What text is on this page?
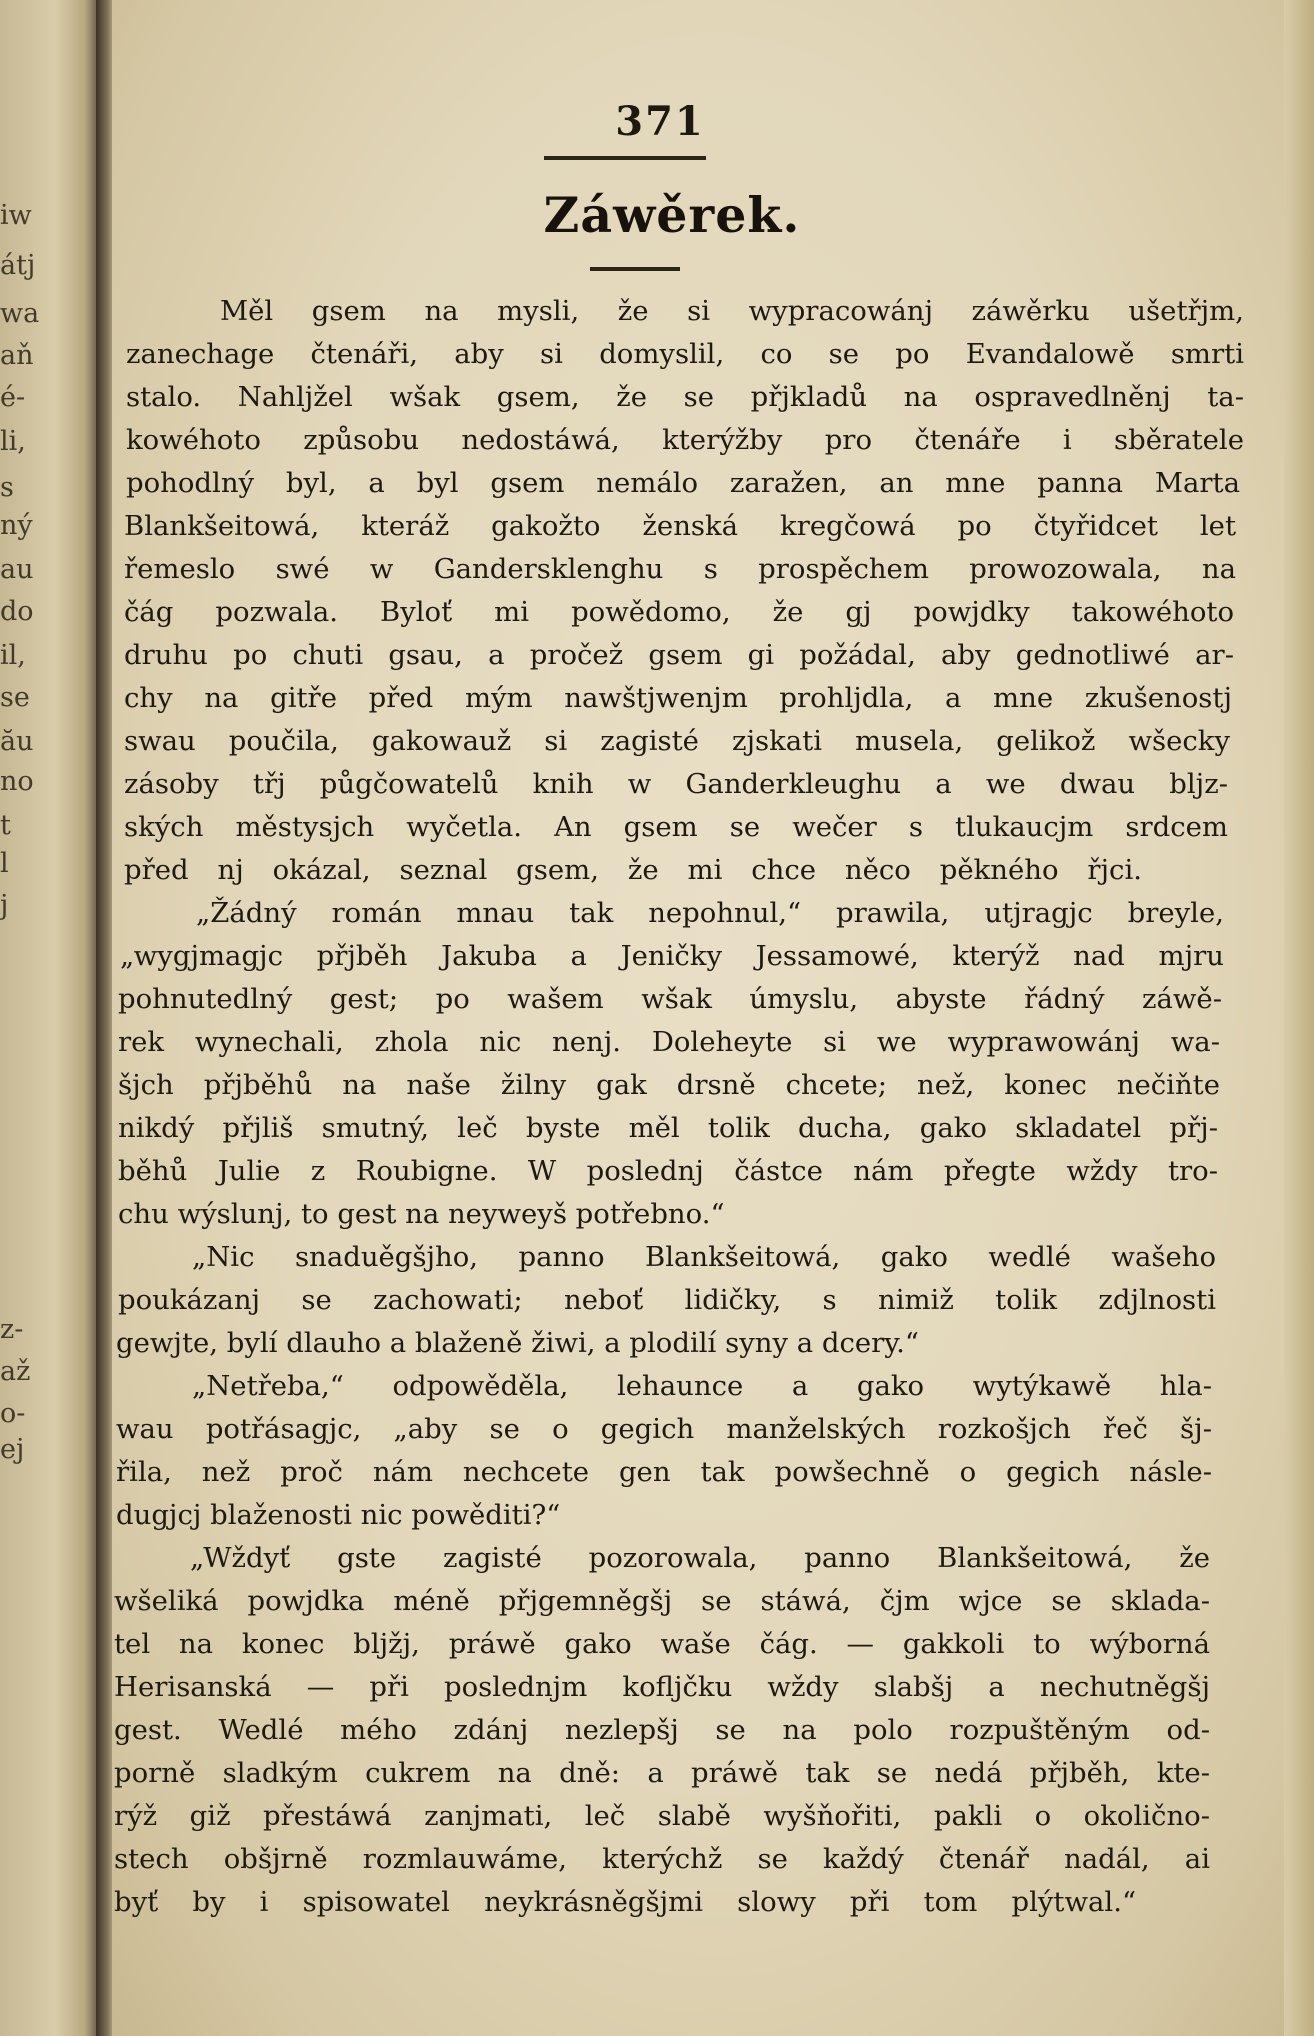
iw
átj
wa
aň
é-
li,
s
ný
au
do
il,
se
ău
no
t
l
j
z-
až
o-
ej
371
Záwěrek.
Měl gsem na mysli, že si wypracowánj záwěrku ušetřjm,
zanechage čtenáři, aby si domyslil, co se po Evandalowě smrti
stalo. Nahljžel wšak gsem, že se přjkladů na ospravedlněnj ta-
kowéhoto způsobu nedostáwá, kterýžby pro čtenáře i sběratele
pohodlný byl, a byl gsem nemálo zaražen, an mne panna Marta
Blankšeitowá, kteráž gakožto ženská kregčowá po čtyřidcet let
řemeslo swé w Gandersklenghu s prospěchem prowozowala, na
čág pozwala. Byloť mi powědomo, že gj powjdky takowéhoto
druhu po chuti gsau, a pročež gsem gi požádal, aby gednotliwé ar-
chy na gitře před mým nawštjwenjm prohljdla, a mne zkušenostj
swau poučila, gakowauž si zagisté zjskati musela, gelikož wšecky
zásoby třj půgčowatelů knih w Ganderkleughu a we dwau bljz-
ských městysjch wyčetla. An gsem se wečer s tlukaucjm srdcem
před nj okázal, seznal gsem, že mi chce něco pěkného řjci.
„Žádný román mnau tak nepohnul,“ prawila, utjragjc breyle,
„wygjmagjc přjběh Jakuba a Jeničky Jessamowé, kterýž nad mjru
pohnutedlný gest; po wašem wšak úmyslu, abyste řádný záwě-
rek wynechali, zhola nic nenj. Doleheyte si we wyprawowánj wa-
šjch přjběhů na naše žilny gak drsně chcete; než, konec nečiňte
nikdý přjliš smutný, leč byste měl tolik ducha, gako skladatel přj-
běhů Julie z Roubigne. W poslednj částce nám přegte wždy tro-
chu wýslunj, to gest na neyweyš potřebno.“
„Nic snaduěgšjho, panno Blankšeitowá, gako wedlé wašeho
poukázanj se zachowati; neboť lidičky, s nimiž tolik zdjlnosti
gewjte, bylí dlauho a blaženě žiwi, a plodilí syny a dcery.“
„Netřeba,“ odpowěděla, lehaunce a gako wytýkawě hla-
wau potřásagjc, „aby se o gegich manželských rozkošjch řeč šj-
řila, než proč nám nechcete gen tak powšechně o gegich násle-
dugjcj blaženosti nic powěditi?“
„Wždyť gste zagisté pozorowala, panno Blankšeitowá, že
wšeliká powjdka méně přjgemněgšj se stáwá, čjm wjce se sklada-
tel na konec bljžj, práwě gako waše čág. — gakkoli to wýborná
Herisanská — při poslednjm kofljčku wždy slabšj a nechutněgšj
gest. Wedlé mého zdánj nezlepšj se na polo rozpuštěným od-
porně sladkým cukrem na dně: a práwě tak se nedá přjběh, kte-
rýž giž přestáwá zanjmati, leč slabě wyšňořiti, pakli o okolično-
stech obšjrně rozmlauwáme, kterýchž se každý čtenář nadál, ai
byť by i spisowatel neykrásněgšjmi slowy při tom plýtwal.“
